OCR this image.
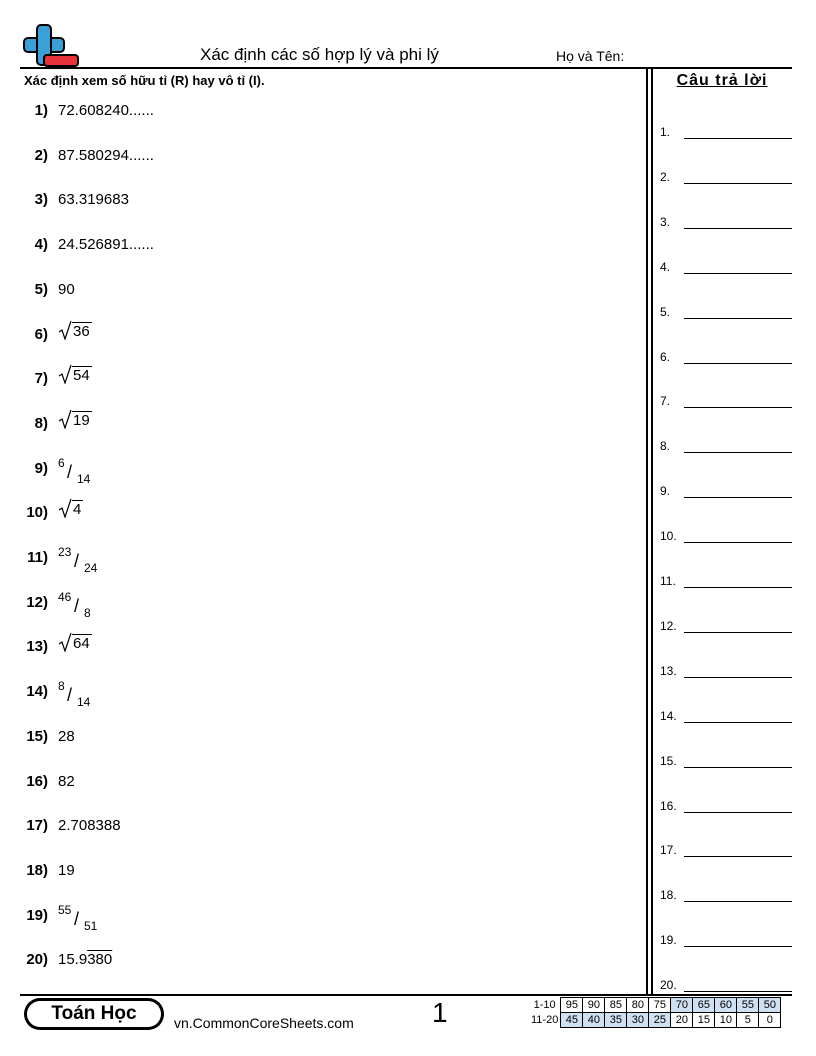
Xác định các số hợp lý và phi lý	Họ và Tên:
Xác định xem số hữu tỉ (R) hay vô tỉ (I).	Câu trả lời
1) 72.608240......
2) 87.580294......
3) 63.319683
4) 24.526891......
5) 90
6) 36
7) 54
8) 19
9) 6 / 14
10) 4
11) 23 / 24
12) 46 / 8
13) 64
14) 8 / 14
15) 28
16) 82
17) 2.708388
18) 19
19) 55 / 51
20) 15.9380
1.
2.
3.
4.
5.
6.
7.
8.
9.
10.
11.
12.
13.
14.
15.
16.
17.
18.
19.
20.
Toán Học	vn.CommonCoreSheets.com	1	1-10	95	90	85	80	75	70	65	60	55	50
11-20	45	40	35	30	25	20	15	10	5	0
